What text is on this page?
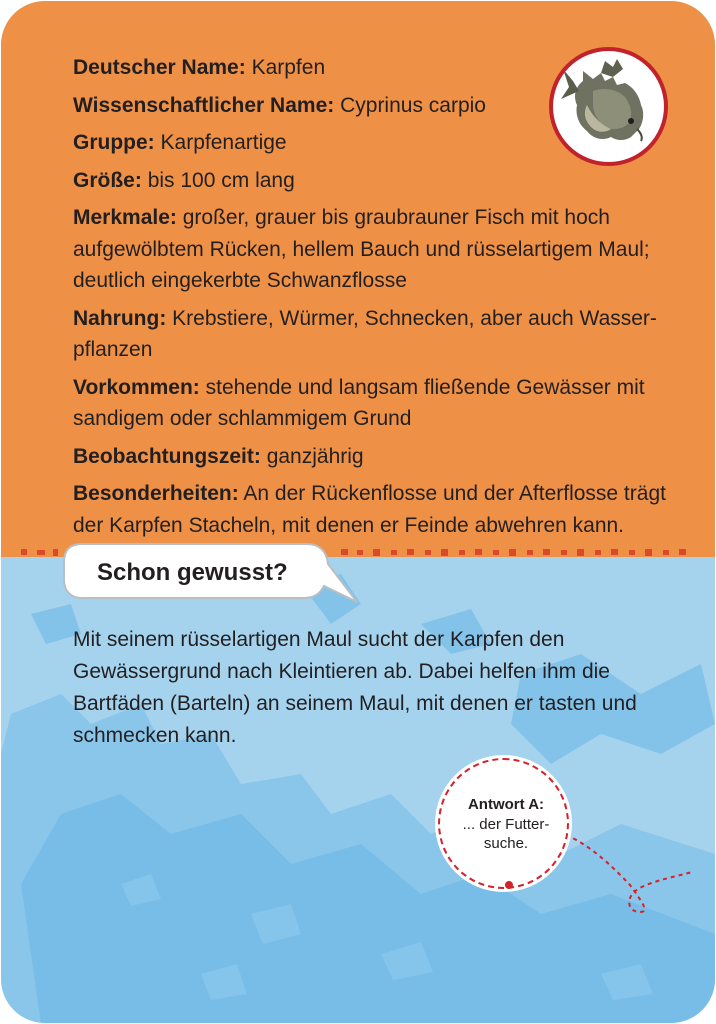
Deutscher Name: Karpfen
Wissenschaftlicher Name: Cyprinus carpio
Gruppe: Karpfenartige
Größe: bis 100 cm lang
Merkmale: großer, grauer bis graubrauner Fisch mit hoch aufgewölbtem Rücken, hellem Bauch und rüsselartigem Maul; deutlich eingekerbte Schwanzflosse
Nahrung: Krebstiere, Würmer, Schnecken, aber auch Wasser-pflanzen
Vorkommen: stehende und langsam fließende Gewässer mit sandigem oder schlammigem Grund
Beobachtungszeit: ganzjährig
Besonderheiten: An der Rückenflosse und der Afterflosse trägt der Karpfen Stacheln, mit denen er Feinde abwehren kann.
Schon gewusst?
Mit seinem rüsselartigen Maul sucht der Karpfen den Gewässergrund nach Kleintieren ab. Dabei helfen ihm die Bartfäden (Barteln) an seinem Maul, mit denen er tasten und schmecken kann.
Antwort A:
... der Futter-suche.
